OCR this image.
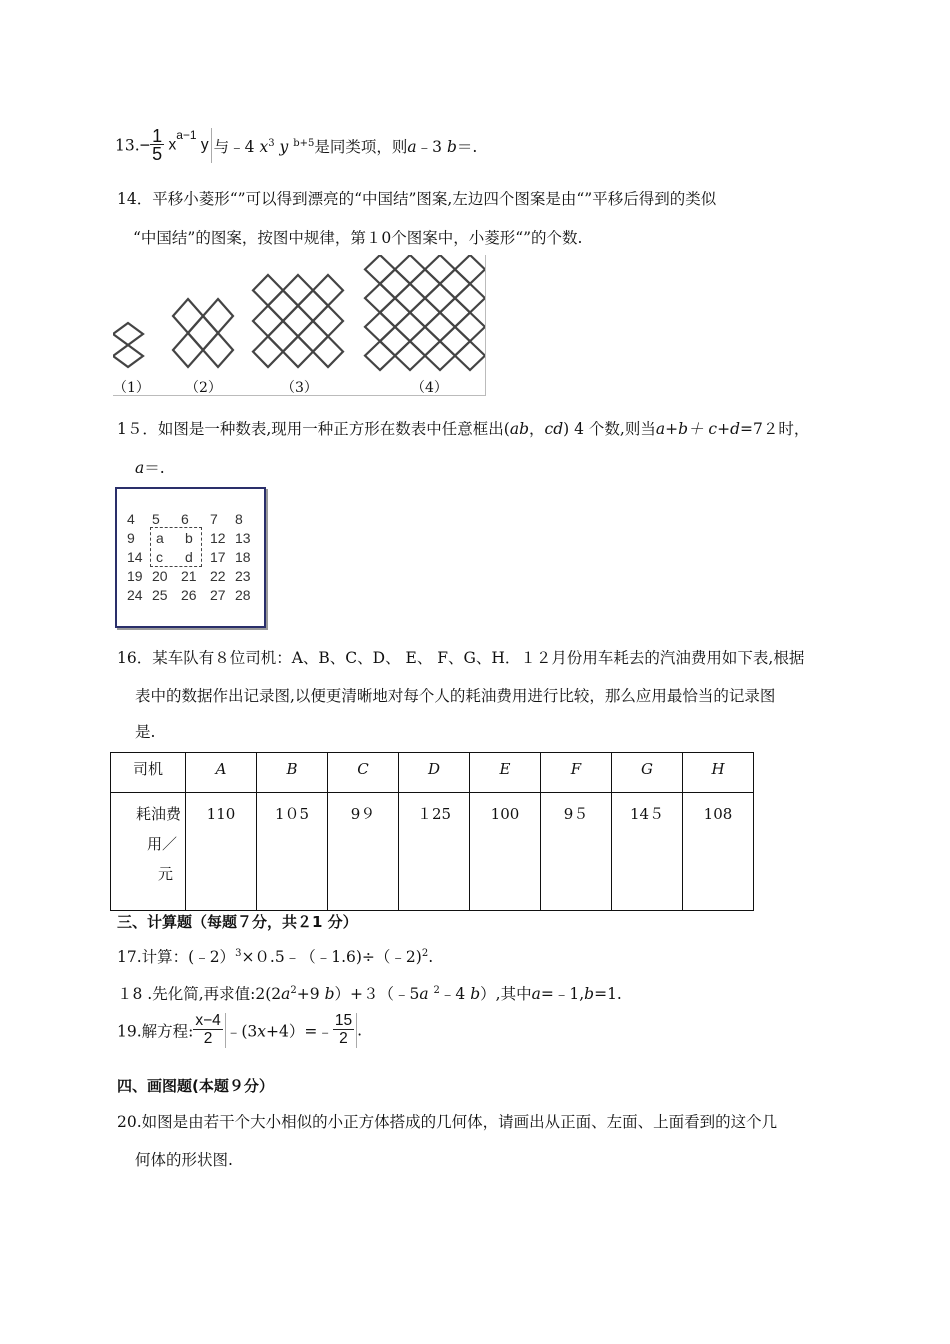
$13.- \frac{1}{5} x^{a-1}$ y 与﹣4 $x^3$ y $^{b+5}$是同类项，则a﹣3 b＝.
14．平移小菱形“”可以得到漂亮的“中国结”图案,左边四个图案是由“”平移后得到的类似
“中国结”的图案，按图中规律，第１0个图案中，小菱形“”的个数.
（1）	（2）	（3）	（4）
1５．如图是一种数表,现用一种正方形在数表中任意框出(ab，cd) 4 个数,则当a+b＋ c+d=7２时，
a＝.
4	5	6	7	8
9	a	b	12	13
14	c	d	17	18
19	20	21	22	23
24	25	26	27	28
16．某车队有８位司机：A、B、C、D、 E、 F、G、H．１２月份用车耗去的汽油费用如下表,根据
表中的数据作出记录图,以便更清晰地对每个人的耗油费用进行比较，那么应用最恰当的记录图
是.
司机	A	B	C	D	E	F	G	H

耗油费
用／
元	110	1０5	9９	１25	100	9５	14５	108
三、计算题（每题７分，共２1 分）
17.计算：(﹣2）$^3$×０.5﹣（﹣1.6)÷（﹣2)$^2$.
１8 .先化简,再求值$:2(2a^2+9$ b）+３（﹣5a $^2$﹣4 b）,其中a=﹣1,b=1.
19.解方程: $\frac{x-4}{2}$ ﹣(3x+4）=﹣ $\frac{15}{2}$ .
四、画图题(本题９分）
20.如图是由若干个大小相似的小正方体搭成的几何体，请画出从正面、左面、上面看到的这个几
何体的形状图.
